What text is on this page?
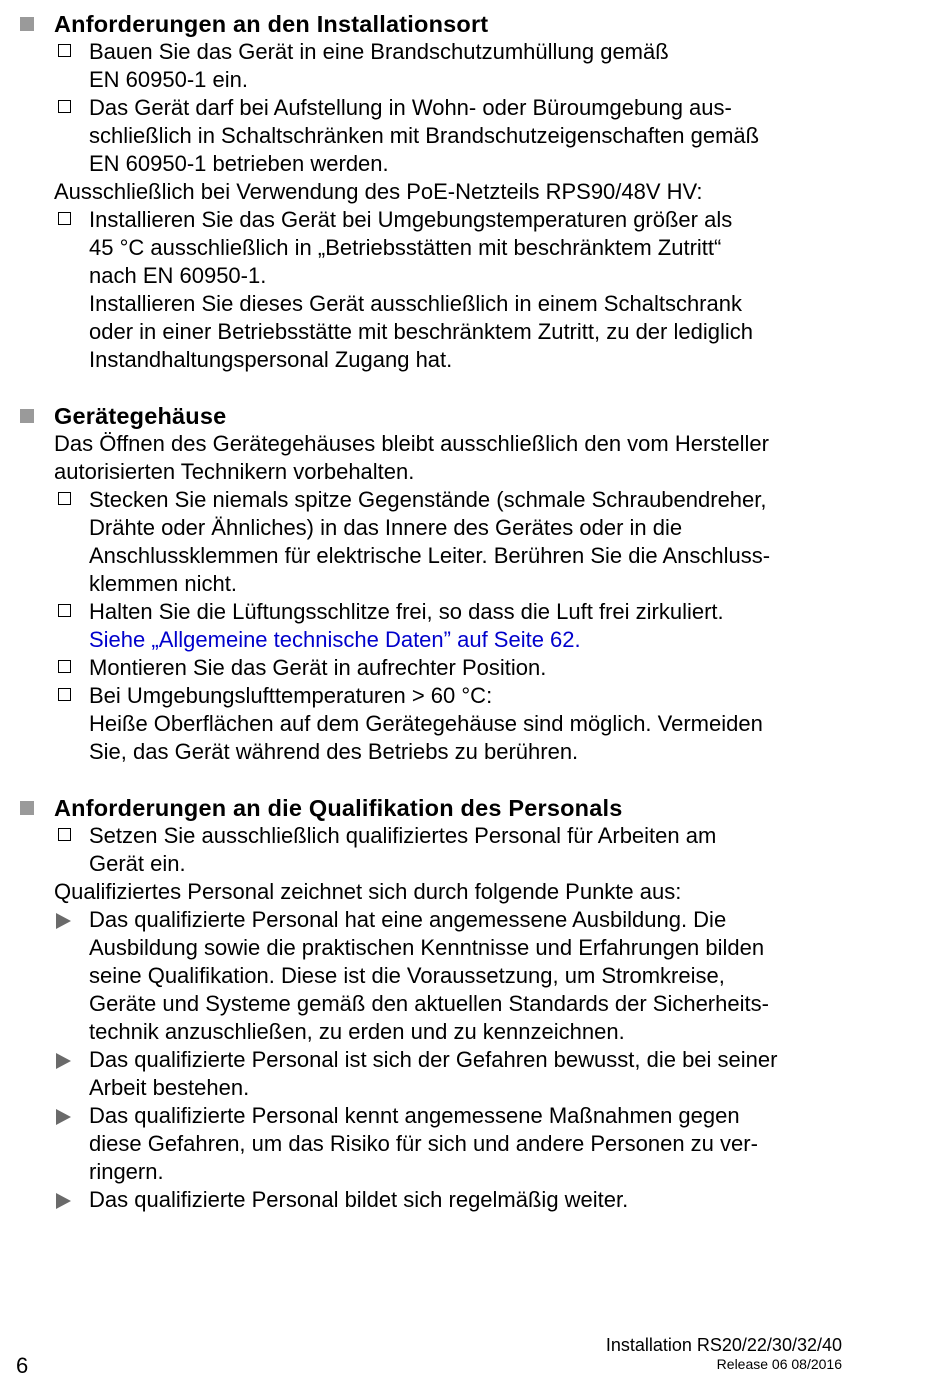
Anforderungen an den Installationsort
Bauen Sie das Gerät in eine Brandschutzumhüllung gemäß
EN 60950-1 ein.
Das Gerät darf bei Aufstellung in Wohn- oder Büroumgebung aus-
schließlich in Schaltschränken mit Brandschutzeigenschaften gemäß
EN 60950-1 betrieben werden.
Ausschließlich bei Verwendung des PoE-Netzteils RPS90/48V HV:
Installieren Sie das Gerät bei Umgebungstemperaturen größer als
45 °C ausschließlich in „Betriebsstätten mit beschränktem Zutritt“
nach EN 60950-1.
Installieren Sie dieses Gerät ausschließlich in einem Schaltschrank
oder in einer Betriebsstätte mit beschränktem Zutritt, zu der lediglich
Instandhaltungspersonal Zugang hat.
Gerätegehäuse
Das Öffnen des Gerätegehäuses bleibt ausschließlich den vom Hersteller
autorisierten Technikern vorbehalten.
Stecken Sie niemals spitze Gegenstände (schmale Schraubendreher,
Drähte oder Ähnliches) in das Innere des Gerätes oder in die
Anschlussklemmen für elektrische Leiter. Berühren Sie die Anschluss-
klemmen nicht.
Halten Sie die Lüftungsschlitze frei, so dass die Luft frei zirkuliert.
Siehe „Allgemeine technische Daten” auf Seite 62.
Montieren Sie das Gerät in aufrechter Position.
Bei Umgebungslufttemperaturen > 60 °C:
Heiße Oberflächen auf dem Gerätegehäuse sind möglich. Vermeiden
Sie, das Gerät während des Betriebs zu berühren.
Anforderungen an die Qualifikation des Personals
Setzen Sie ausschließlich qualifiziertes Personal für Arbeiten am
Gerät ein.
Qualifiziertes Personal zeichnet sich durch folgende Punkte aus:
Das qualifizierte Personal hat eine angemessene Ausbildung. Die
Ausbildung sowie die praktischen Kenntnisse und Erfahrungen bilden
seine Qualifikation. Diese ist die Voraussetzung, um Stromkreise,
Geräte und Systeme gemäß den aktuellen Standards der Sicherheits-
technik anzuschließen, zu erden und zu kennzeichnen.
Das qualifizierte Personal ist sich der Gefahren bewusst, die bei seiner
Arbeit bestehen.
Das qualifizierte Personal kennt angemessene Maßnahmen gegen
diese Gefahren, um das Risiko für sich und andere Personen zu ver-
ringern.
Das qualifizierte Personal bildet sich regelmäßig weiter.
6
Installation RS20/22/30/32/40
Release 06 08/2016
